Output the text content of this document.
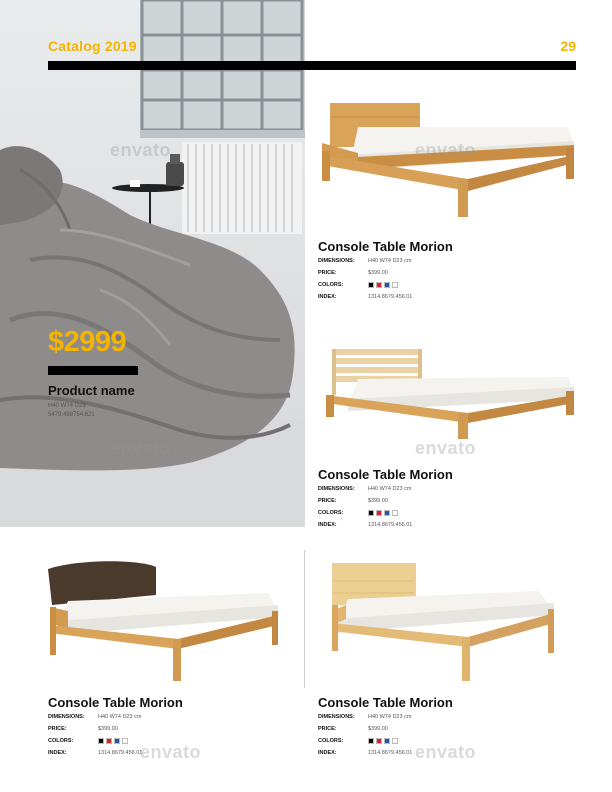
Catalog 2019	29
$2999
Product name
H40 W74 D23
5479.498754.621
Console Table Morion
DIMENSIONS: H40 W74 D23 cm
PRICE:	$399.00
COLORS:
INDEX:	1314.8679.456.01
Console Table Morion
DIMENSIONS: H40 W74 D23 cm
PRICE:	$399.00
COLORS:
INDEX:	1314.8679.456.01
Console Table Morion
DIMENSIONS: H40 W74 D23 cm
PRICE:	$399.00
COLORS:
INDEX:	1314.8679.456.01
Console Table Morion
DIMENSIONS: H40 W74 D23 cm
PRICE:	$399.00
COLORS:
INDEX:	1314.8679.456.01
envato	envato
envato	envato
envato	envato
